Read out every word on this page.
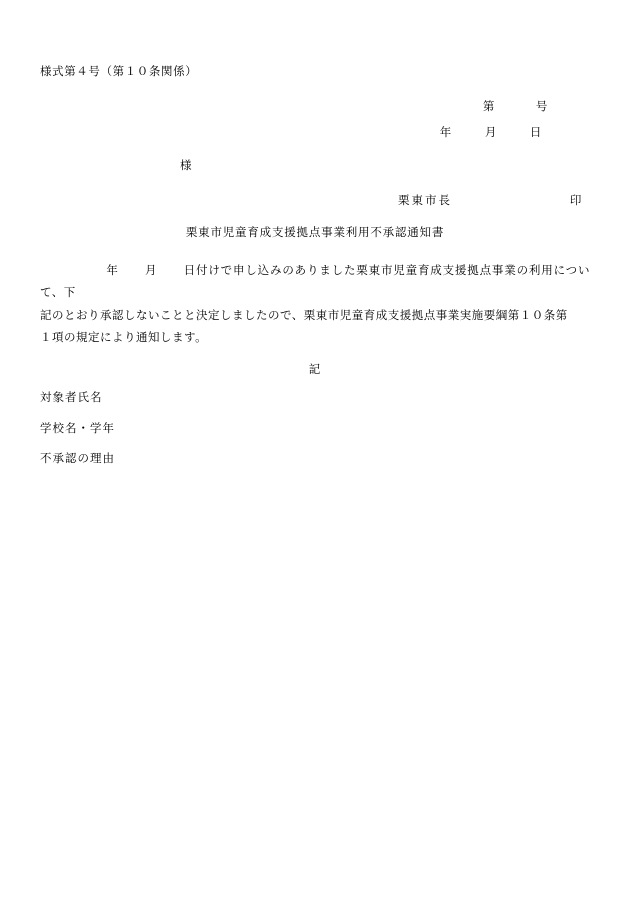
様式第４号（第１０条関係）
第	号
年	月	日
様
栗東市長	印
栗東市児童育成支援拠点事業利用不承認通知書
年 月 日付けで申し込みのありました栗東市児童育成支援拠点事業の利用について、下
記のとおり承認しないことと決定しましたので、栗東市児童育成支援拠点事業実施要綱第１０条第
１項の規定により通知します。
記
対象者氏名
学校名・学年
不承認の理由
